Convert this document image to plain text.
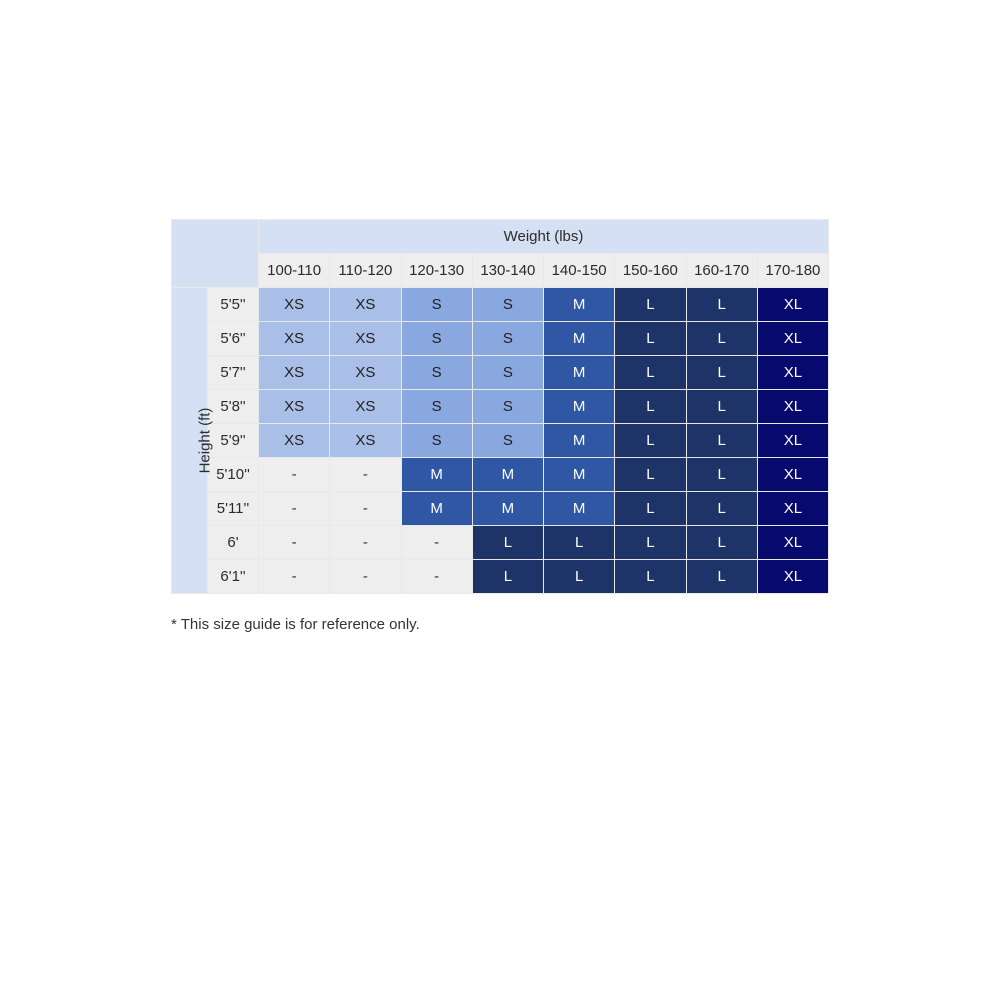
		Weight (lbs)							
		100-110	110-120	120-130	130-140	140-150	150-160	160-170	170-180
Height (ft)	5'5''	XS	XS	S	S	M	L	L	XL
	5'6''	XS	XS	S	S	M	L	L	XL
	5'7''	XS	XS	S	S	M	L	L	XL
	5'8''	XS	XS	S	S	M	L	L	XL
	5'9''	XS	XS	S	S	M	L	L	XL
	5'10''	-	-	M	M	M	L	L	XL
	5'11''	-	-	M	M	M	L	L	XL
	6'	-	-	-	L	L	L	L	XL
	6'1''	-	-	-	L	L	L	L	XL
* This size guide is for reference only.
